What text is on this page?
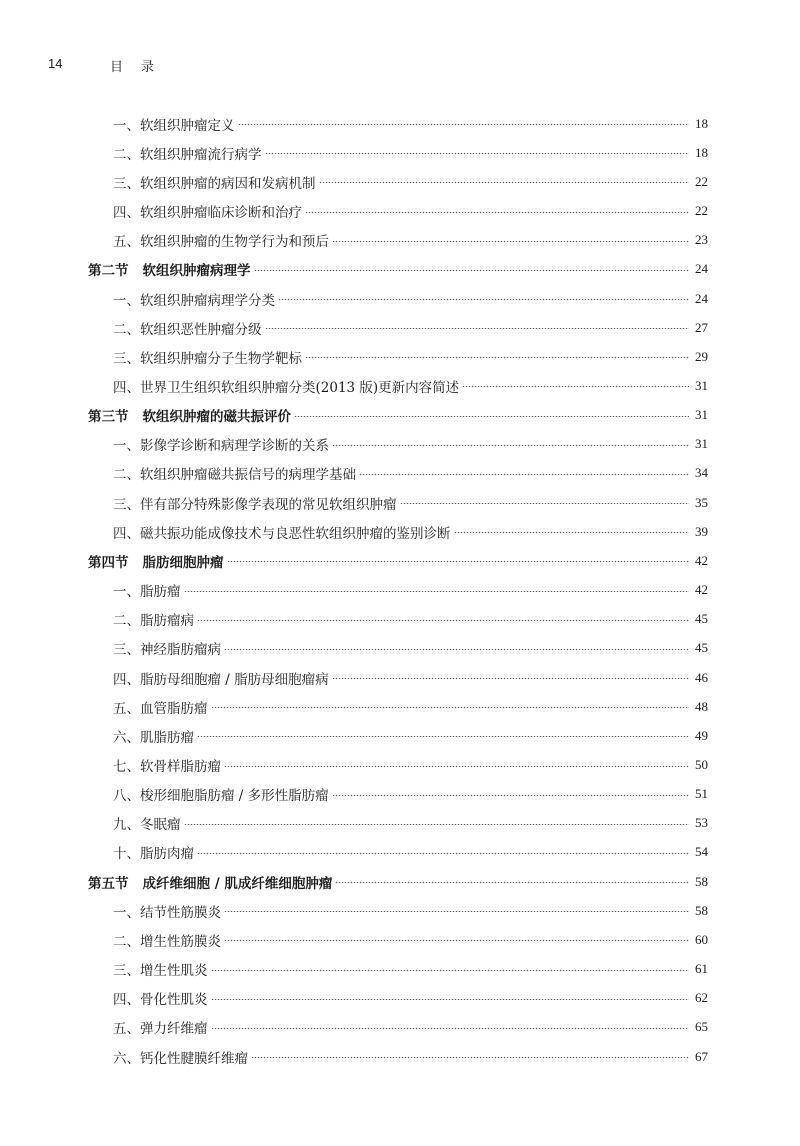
14	目录
一、软组织肿瘤定义	18
二、软组织肿瘤流行病学	18
三、软组织肿瘤的病因和发病机制	22
四、软组织肿瘤临床诊断和治疗	22
五、软组织肿瘤的生物学行为和预后	23
第二节 软组织肿瘤病理学	24
一、软组织肿瘤病理学分类	24
二、软组织恶性肿瘤分级	27
三、软组织肿瘤分子生物学靶标	29
四、世界卫生组织软组织肿瘤分类(2013 版)更新内容简述	31
第三节 软组织肿瘤的磁共振评价	31
一、影像学诊断和病理学诊断的关系	31
二、软组织肿瘤磁共振信号的病理学基础	34
三、伴有部分特殊影像学表现的常见软组织肿瘤	35
四、磁共振功能成像技术与良恶性软组织肿瘤的鉴别诊断	39
第四节 脂肪细胞肿瘤	42
一、脂肪瘤	42
二、脂肪瘤病	45
三、神经脂肪瘤病	45
四、脂肪母细胞瘤 / 脂肪母细胞瘤病	46
五、血管脂肪瘤	48
六、肌脂肪瘤	49
七、软骨样脂肪瘤	50
八、梭形细胞脂肪瘤 / 多形性脂肪瘤	51
九、冬眠瘤	53
十、脂肪肉瘤	54
第五节 成纤维细胞 / 肌成纤维细胞肿瘤	58
一、结节性筋膜炎	58
二、增生性筋膜炎	60
三、增生性肌炎	61
四、骨化性肌炎	62
五、弹力纤维瘤	65
六、钙化性腱膜纤维瘤	67
